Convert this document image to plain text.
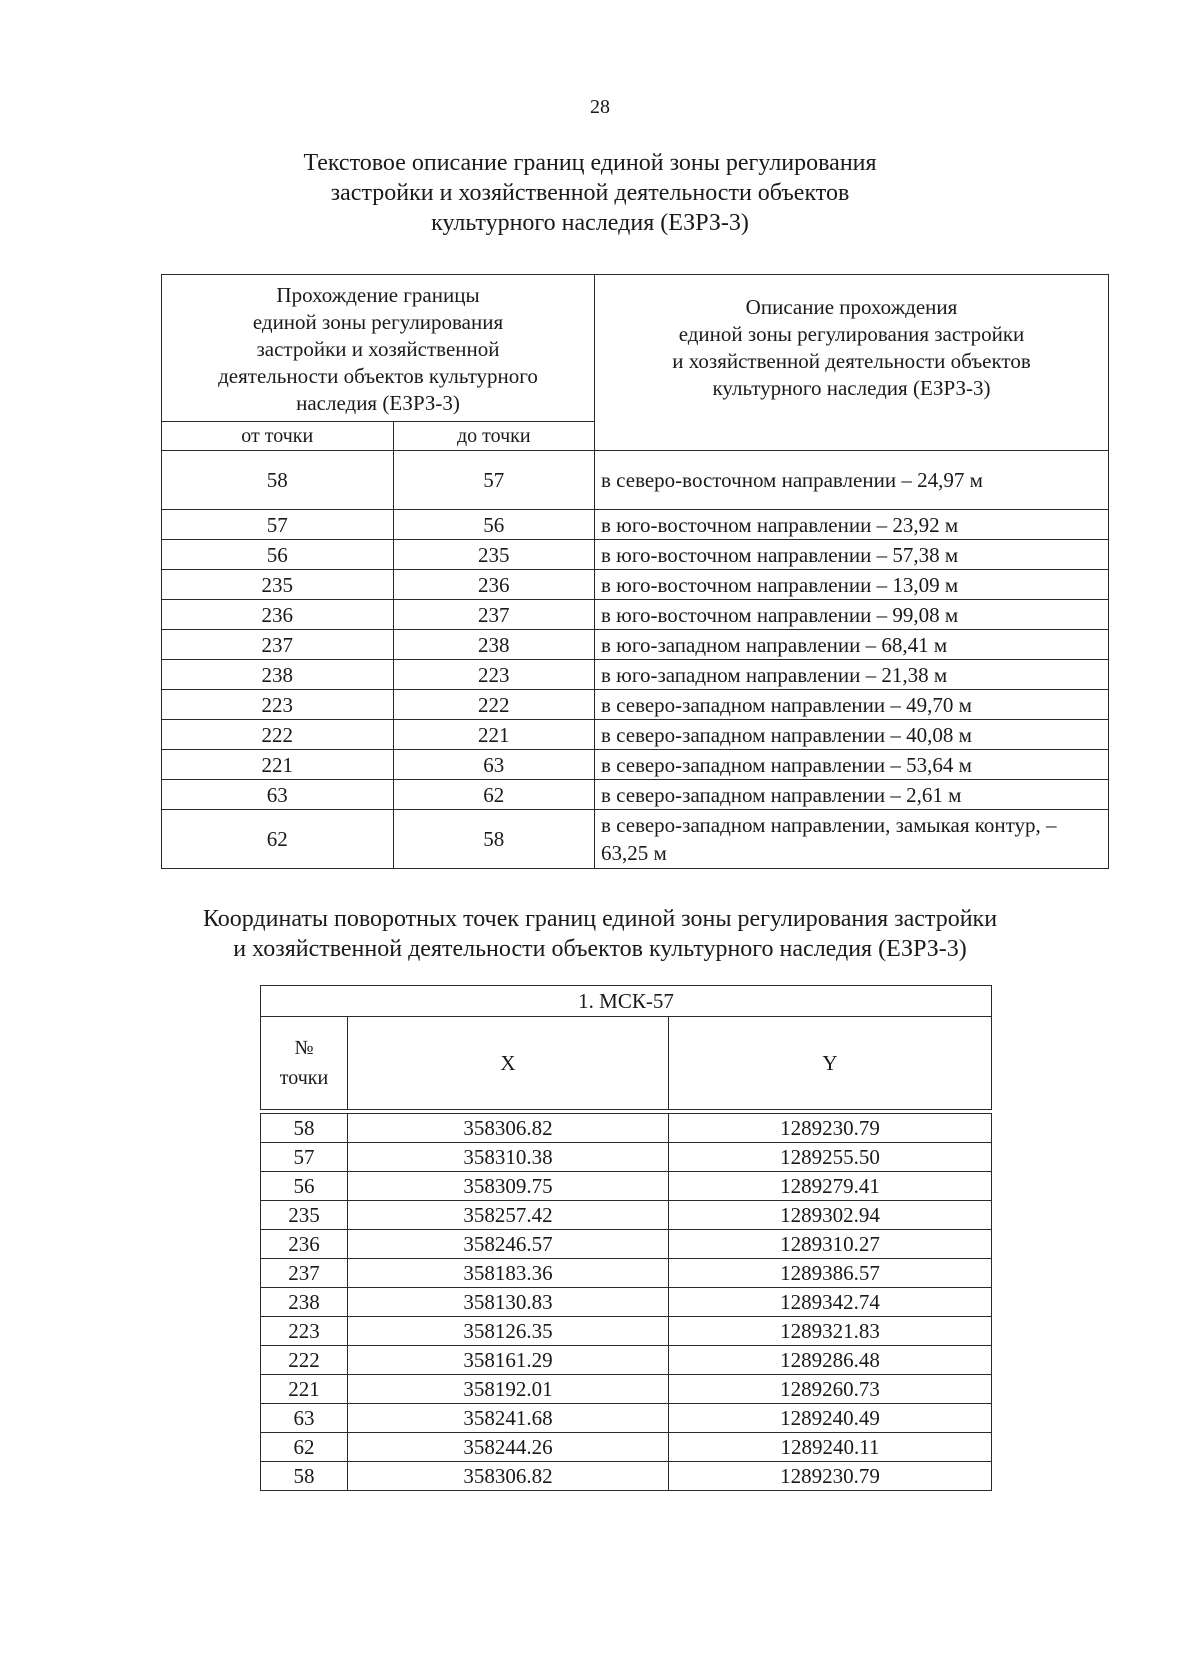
28
Текстовое описание границ единой зоны регулирования
застройки и хозяйственной деятельности объектов
культурного наследия (ЕЗРЗ-3)
Прохождение границы
единой зоны регулирования
застройки и хозяйственной
деятельности объектов культурного
наследия (ЕЗРЗ-3)

Описание прохождения
единой зоны регулирования застройки
и хозяйственной деятельности объектов
культурного наследия (ЕЗРЗ-3)

от точки	до точки	
58	57	в северо-восточном направлении – 24,97 м
57	56	в юго-восточном направлении – 23,92 м
56	235	в юго-восточном направлении – 57,38 м
235	236	в юго-восточном направлении – 13,09 м
236	237	в юго-восточном направлении – 99,08 м
237	238	в юго-западном направлении – 68,41 м
238	223	в юго-западном направлении – 21,38 м
223	222	в северо-западном направлении – 49,70 м
222	221	в северо-западном направлении – 40,08 м
221	63	в северо-западном направлении – 53,64 м
63	62	в северо-западном направлении – 2,61 м
62	58	в северо-западном направлении, замыкая контур, – 63,25 м
Координаты поворотных точек границ единой зоны регулирования застройки
и хозяйственной деятельности объектов культурного наследия (ЕЗРЗ-3)
1. МСК-57		

№
точки	X	Y

58	358306.82	1289230.79
57	358310.38	1289255.50
56	358309.75	1289279.41
235	358257.42	1289302.94
236	358246.57	1289310.27
237	358183.36	1289386.57
238	358130.83	1289342.74
223	358126.35	1289321.83
222	358161.29	1289286.48
221	358192.01	1289260.73
63	358241.68	1289240.49
62	358244.26	1289240.11
58	358306.82	1289230.79
